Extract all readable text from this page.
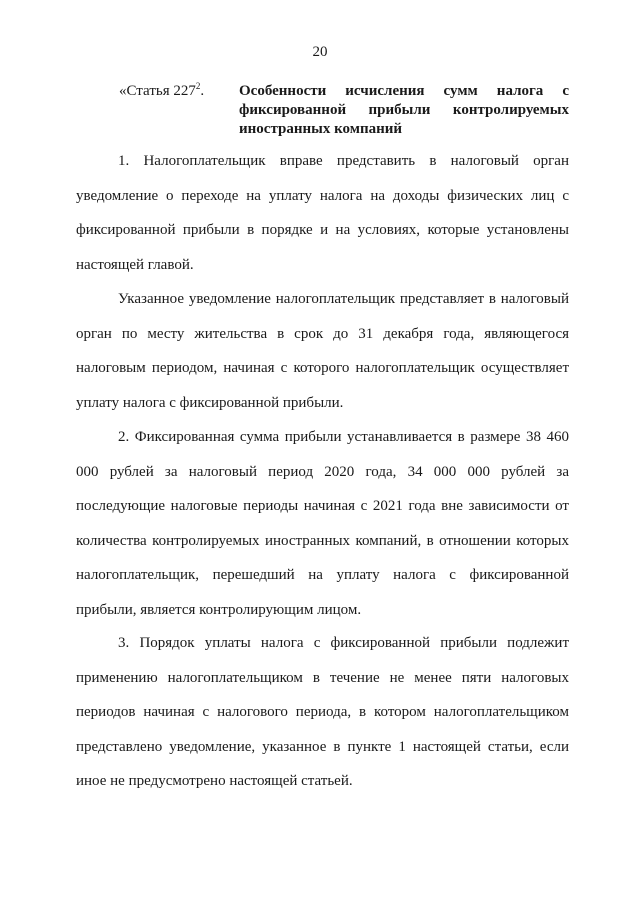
20
«Статья $227^2$.	Особенности исчисления сумм налога с фиксированной прибыли контролируемых иностранных компаний

1. Налогоплательщик вправе представить в налоговый орган уведомление о переходе на уплату налога на доходы физических лиц с фиксированной прибыли в порядке и на условиях, которые установлены настоящей главой.

Указанное уведомление налогоплательщик представляет в налоговый орган по месту жительства в срок до 31 декабря года, являющегося налоговым периодом, начиная с которого налогоплательщик осуществляет уплату налога с фиксированной прибыли.

2. Фиксированная сумма прибыли устанавливается в размере 38 460 000 рублей за налоговый период 2020 года, 34 000 000 рублей за последующие налоговые периоды начиная с 2021 года вне зависимости от количества контролируемых иностранных компаний, в отношении которых налогоплательщик, перешедший на уплату налога с фиксированной прибыли, является контролирующим лицом.

3. Порядок уплаты налога с фиксированной прибыли подлежит применению налогоплательщиком в течение не менее пяти налоговых периодов начиная с налогового периода, в котором налогоплательщиком представлено уведомление, указанное в пункте 1 настоящей статьи, если иное не предусмотрено настоящей статьей.
